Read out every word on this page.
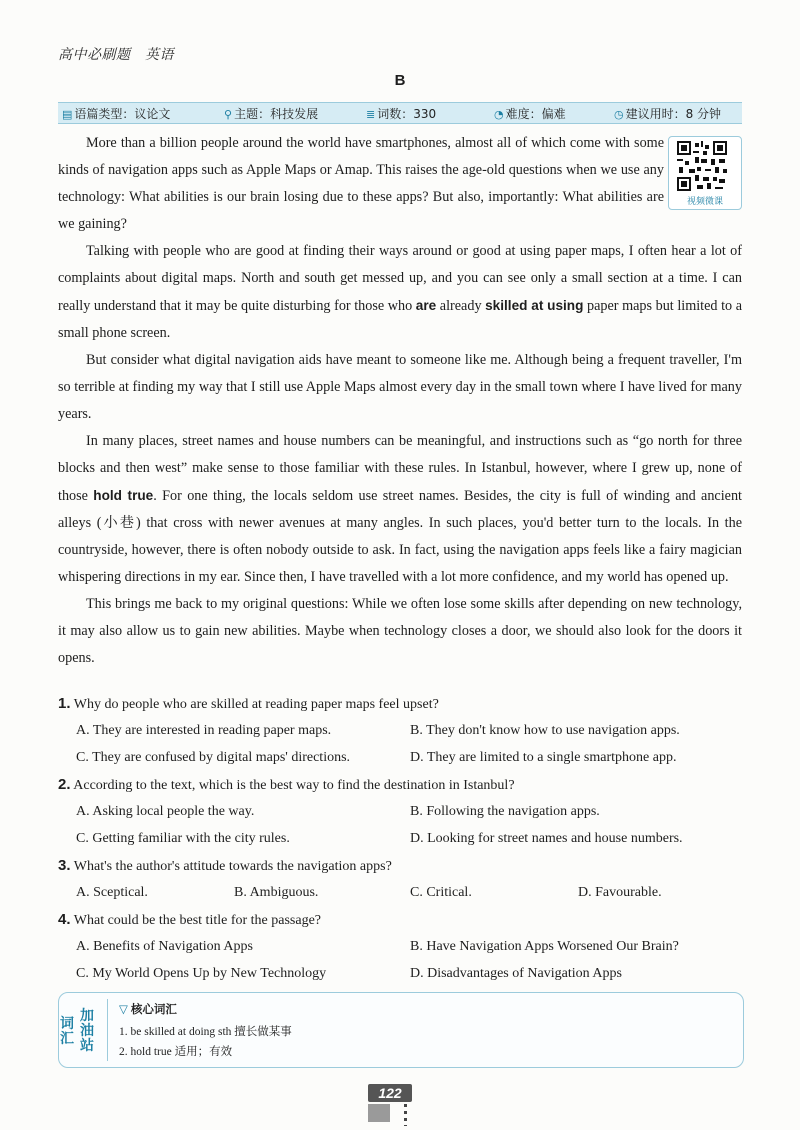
高中必刷题　英语
B
▤ 语篇类型：议论文	⚲ 主题：科技发展	≣ 词数：330	◔ 难度：偏难	◷ 建议用时：8 分钟
视频微课

More than a billion people around the world have smartphones, almost all of which come with some kinds of navigation apps such as Apple Maps or Amap. This raises the age-old questions when we use any technology: What abilities is our brain losing due to these apps? But also, importantly: What abilities are we gaining?

Talking with people who are good at finding their ways around or good at using paper maps, I often hear a lot of complaints about digital maps. North and south get messed up, and you can see only a small section at a time. I can really understand that it may be quite disturbing for those who are already skilled at using paper maps but limited to a small phone screen.

But consider what digital navigation aids have meant to someone like me. Although being a frequent traveller, I'm so terrible at finding my way that I still use Apple Maps almost every day in the small town where I have lived for many years.

In many places, street names and house numbers can be meaningful, and instructions such as “go north for three blocks and then west” make sense to those familiar with these rules. In Istanbul, however, where I grew up, none of those hold true. For one thing, the locals seldom use street names. Besides, the city is full of winding and ancient alleys (小巷) that cross with newer avenues at many angles. In such places, you'd better turn to the locals. In the countryside, however, there is often nobody outside to ask. In fact, using the navigation apps feels like a fairy magician whispering directions in my ear. Since then, I have travelled with a lot more confidence, and my world has opened up.

This brings me back to my original questions: While we often lose some skills after depending on new technology, it may also allow us to gain new abilities. Maybe when technology closes a door, we should also look for the doors it opens.

1. Why do people who are skilled at reading paper maps feel upset?
A. They are interested in reading paper maps.	B. They don't know how to use navigation apps.
C. They are confused by digital maps' directions.	D. They are limited to a single smartphone app.
2. According to the text, which is the best way to find the destination in Istanbul?
A. Asking local people the way.	B. Following the navigation apps.
C. Getting familiar with the city rules.	D. Looking for street names and house numbers.
3. What's the author's attitude towards the navigation apps?
A. Sceptical.	B. Ambiguous.	C. Critical.	D. Favourable.
4. What could be the best title for the passage?
A. Benefits of Navigation Apps	B. Have Navigation Apps Worsened Our Brain?
C. My World Opens Up by New Technology	D. Disadvantages of Navigation Apps
词汇
加油站
▽ 核心词汇
1. be skilled at doing sth 擅长做某事
2. hold true 适用；有效
122
